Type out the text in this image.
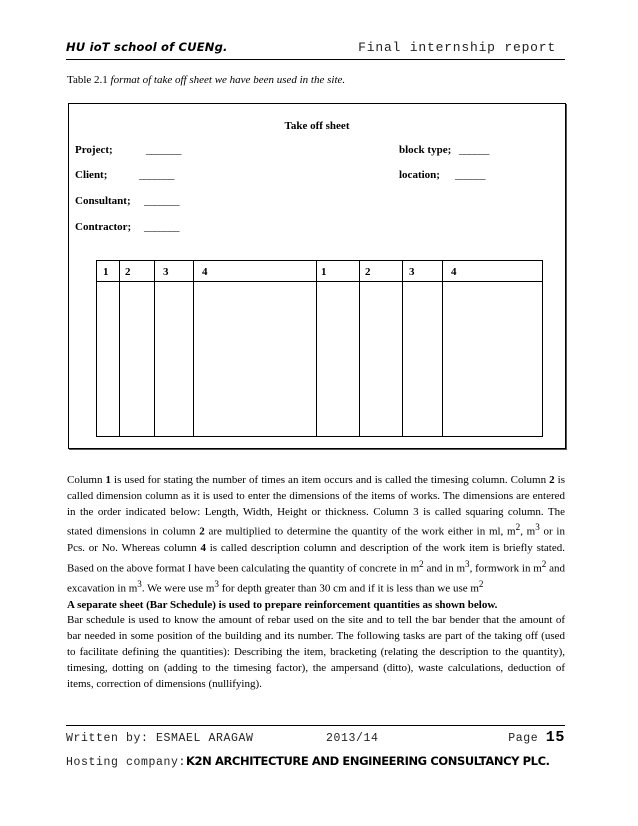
HU ioT school of CUENg.	Final internship report
Table 2.1 format of take off sheet we have been used in the site.
Take off sheet
Project;	_______	block type; ______
Client;	_______	location; ______
Consultant; _______
Contractor; _______
1 2	3	4	1	2	3	4

Column 1 is used for stating the number of times an item occurs and is called the timesing column. Column 2 is called dimension column as it is used to enter the dimensions of the items of works. The dimensions are entered in the order indicated below: Length, Width, Height or thickness. Column 3 is called squaring column. The stated dimensions in column 2 are multiplied to determine the quantity of the work either in ml, $m^2$, $m^3$ or in Pcs. or No. Whereas column 4 is called description column and description of the work item is briefly stated. Based on the above format I have been calculating the quantity of concrete in $m^2$ and in $m^3$, formwork in $m^2$ and excavation in $m^3$. We were use $m^3$ for depth greater than 30 cm and if it is less than we use $m^2$

A separate sheet (Bar Schedule) is used to prepare reinforcement quantities as shown below.

Bar schedule is used to know the amount of rebar used on the site and to tell the bar bender that the amount of bar needed in some position of the building and its number. The following tasks are part of the taking off (used to facilitate defining the quantities): Describing the item, bracketing (relating the description to the quantity), timesing, dotting on (adding to the timesing factor), the ampersand (ditto), waste calculations, deduction of items, correction of dimensions (nullifying).

Written by: ESMAEL ARAGAW	2013/14	Page 15
Hosting company:K2N ARCHITECTURE AND ENGINEERING CONSULTANCY PLC.
